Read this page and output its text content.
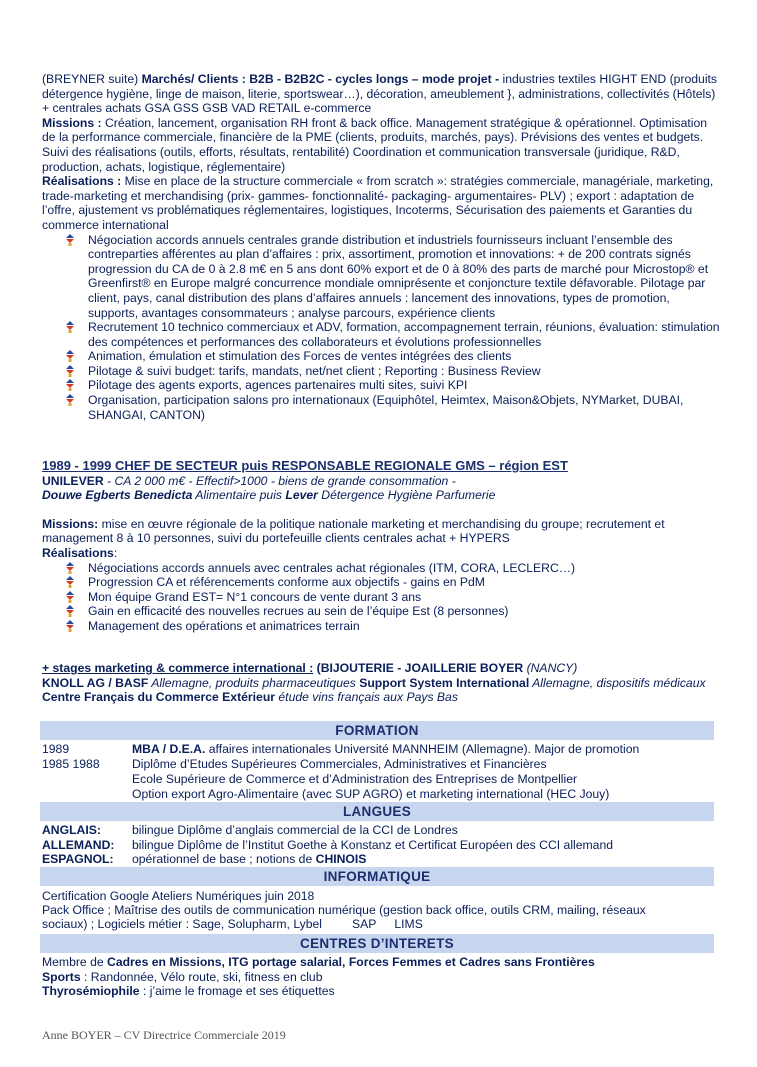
(BREYNER suite) Marchés/ Clients : B2B - B2B2C - cycles longs – mode projet - industries textiles HIGHT END (produits détergence hygiène, linge de maison, literie, sportswear…), décoration, ameublement }, administrations, collectivités (Hôtels) + centrales achats GSA GSS GSB VAD RETAIL e-commerce
Missions : Création, lancement, organisation RH front & back office. Management stratégique & opérationnel. Optimisation de la performance commerciale, financière de la PME (clients, produits, marchés, pays). Prévisions des ventes et budgets. Suivi des réalisations (outils, efforts, résultats, rentabilité) Coordination et communication transversale (juridique, R&D, production, achats, logistique, réglementaire)
Réalisations : Mise en place de la structure commerciale « from scratch »: stratégies commerciale, managériale, marketing, trade-marketing et merchandising (prix- gammes- fonctionnalité- packaging- argumentaires- PLV) ; export : adaptation de l’offre, ajustement vs problématiques réglementaires, logistiques, Incoterms, Sécurisation des paiements et Garanties du commerce international
Négociation accords annuels centrales grande distribution et industriels fournisseurs incluant l’ensemble des contreparties afférentes au plan d’affaires : prix, assortiment, promotion et innovations: + de 200 contrats signés progression du CA de 0 à 2.8 m€ en 5 ans dont 60% export et de 0 à 80% des parts de marché pour Microstop® et Greenfirst® en Europe malgré concurrence mondiale omniprésente et conjoncture textile défavorable. Pilotage par client, pays, canal distribution des plans d’affaires annuels : lancement des innovations, types de promotion, supports, avantages consommateurs ; analyse parcours, expérience clients
Recrutement 10 technico commerciaux et ADV, formation, accompagnement terrain, réunions, évaluation: stimulation des compétences et performances des collaborateurs et évolutions professionnelles
Animation, émulation et stimulation des Forces de ventes intégrées des clients
Pilotage & suivi budget: tarifs, mandats, net/net client ; Reporting : Business Review
Pilotage des agents exports, agences partenaires multi sites, suivi KPI
Organisation, participation salons pro internationaux (Equiphôtel, Heimtex, Maison&Objets, NYMarket, DUBAI, SHANGAI, CANTON)
1989 - 1999 CHEF DE SECTEUR puis RESPONSABLE REGIONALE GMS – région EST
UNILEVER - CA 2 000 m€ - Effectif>1000 - biens de grande consommation -
Douwe Egberts Benedicta Alimentaire puis Lever Détergence Hygiène Parfumerie
Missions: mise en œuvre régionale de la politique nationale marketing et merchandising du groupe; recrutement et management 8 à 10 personnes, suivi du portefeuille clients centrales achat + HYPERS
Réalisations:
Négociations accords annuels avec centrales achat régionales (ITM, CORA, LECLERC…)
Progression CA et référencements conforme aux objectifs - gains en PdM
Mon équipe Grand EST= N°1 concours de vente durant 3 ans
Gain en efficacité des nouvelles recrues au sein de l’équipe Est (8 personnes)
Management des opérations et animatrices terrain
+ stages marketing & commerce international : (BIJOUTERIE - JOAILLERIE BOYER (NANCY)
KNOLL AG / BASF Allemagne, produits pharmaceutiques Support System International Allemagne, dispositifs médicaux Centre Français du Commerce Extérieur étude vins français aux Pays Bas
FORMATION
1989	MBA / D.E.A. affaires internationales Université MANNHEIM (Allemagne). Major de promotion
1985 1988	Diplôme d’Etudes Supérieures Commerciales, Administratives et Financières
Ecole Supérieure de Commerce et d’Administration des Entreprises de Montpellier
Option export Agro-Alimentaire (avec SUP AGRO) et marketing international (HEC Jouy)
LANGUES
ANGLAIS:	bilingue Diplôme d’anglais commercial de la CCI de Londres
ALLEMAND: bilingue Diplôme de l’Institut Goethe à Konstanz et Certificat Européen des CCI allemand
ESPAGNOL: opérationnel de base ; notions de CHINOIS
INFORMATIQUE
Certification Google Ateliers Numériques juin 2018
Pack Office ; Maîtrise des outils de communication numérique (gestion back office, outils CRM, mailing, réseaux sociaux) ; Logiciels métier : Sage, Solupharm, Lybel SAP LIMS
CENTRES D’INTERETS
Membre de Cadres en Missions, ITG portage salarial, Forces Femmes et Cadres sans Frontières
Sports : Randonnée, Vélo route, ski, fitness en club
Thyrosémiophile : j’aime le fromage et ses étiquettes
Anne BOYER – CV Directrice Commerciale 2019
